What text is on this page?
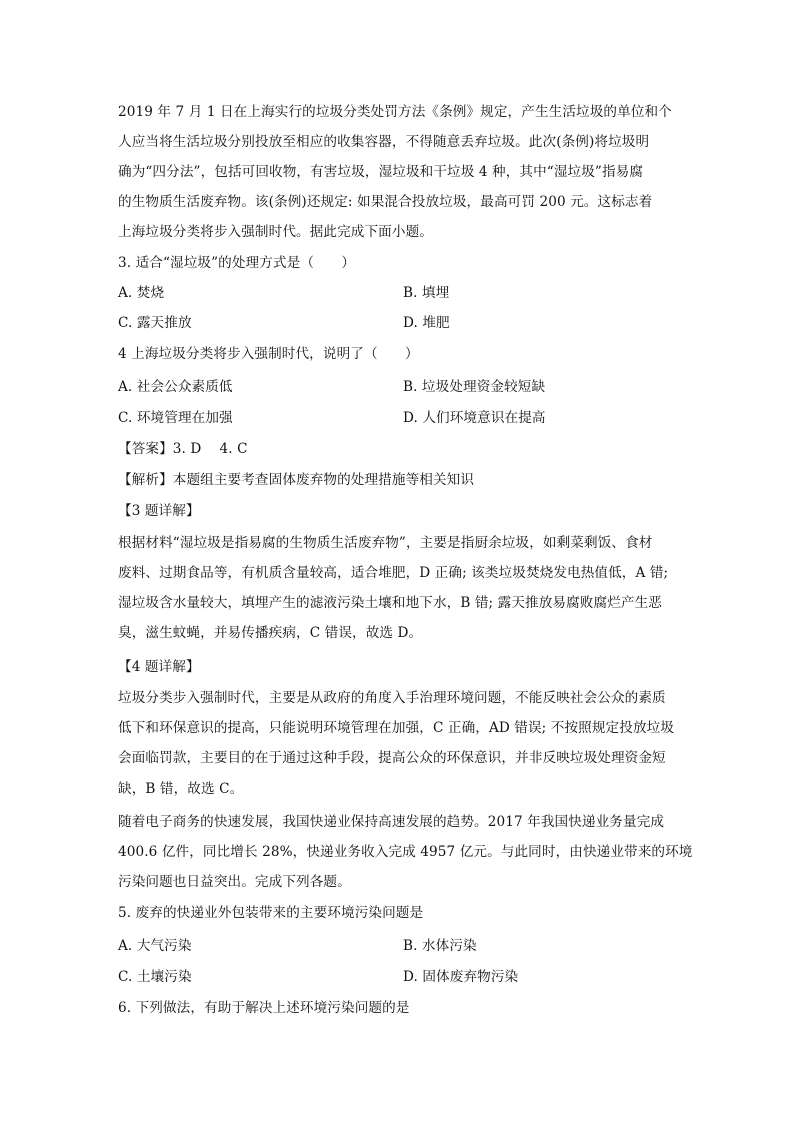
2019 年 7 月 1 日在上海实行的垃圾分类处罚方法《条例》规定，产生生活垃圾的单位和个
人应当将生活垃圾分别投放至相应的收集容器，不得随意丢弃垃圾。此次(条例)将垃圾明
确为“四分法”，包括可回收物，有害垃圾，湿垃圾和干垃圾 4 种，其中“湿垃圾”指易腐
的生物质生活废弃物。该(条例)还规定: 如果混合投放垃圾，最高可罚 200 元。这标志着
上海垃圾分类将步入强制时代。据此完成下面小题。
3. 适合“湿垃圾”的处理方式是（　　）
A. 焚烧	B. 填埋
C. 露天推放	D. 堆肥
4 上海垃圾分类将步入强制时代，说明了（　　）
A. 社会公众素质低	B. 垃圾处理资金较短缺
C. 环境管理在加强	D. 人们环境意识在提高
【答案】3. D　 4. C
【解析】本题组主要考查固体废弃物的处理措施等相关知识
【3 题详解】
根据材料“湿垃圾是指易腐的生物质生活废弃物”，主要是指厨余垃圾，如剩菜剩饭、食材
废料、过期食品等，有机质含量较高，适合堆肥，D 正确; 该类垃圾焚烧发电热值低，A 错;
湿垃圾含水量较大，填埋产生的滤液污染土壤和地下水，B 错; 露天推放易腐败腐烂产生恶
臭，滋生蚊蝇，并易传播疾病，C 错误，故选 D。
【4 题详解】
垃圾分类步入强制时代，主要是从政府的角度入手治理环境问题，不能反映社会公众的素质
低下和环保意识的提高，只能说明环境管理在加强，C 正确，AD 错误; 不按照规定投放垃圾
会面临罚款，主要目的在于通过这种手段，提高公众的环保意识，并非反映垃圾处理资金短
缺，B 错，故选 C。
随着电子商务的快速发展，我国快递业保持高速发展的趋势。2017 年我国快递业务量完成
400.6 亿件，同比增长 28%，快递业务收入完成 4957 亿元。与此同时，由快递业带来的环境
污染问题也日益突出。完成下列各题。
5. 废弃的快递业外包装带来的主要环境污染问题是
A. 大气污染	B. 水体污染
C. 土壤污染	D. 固体废弃物污染
6. 下列做法，有助于解决上述环境污染问题的是
